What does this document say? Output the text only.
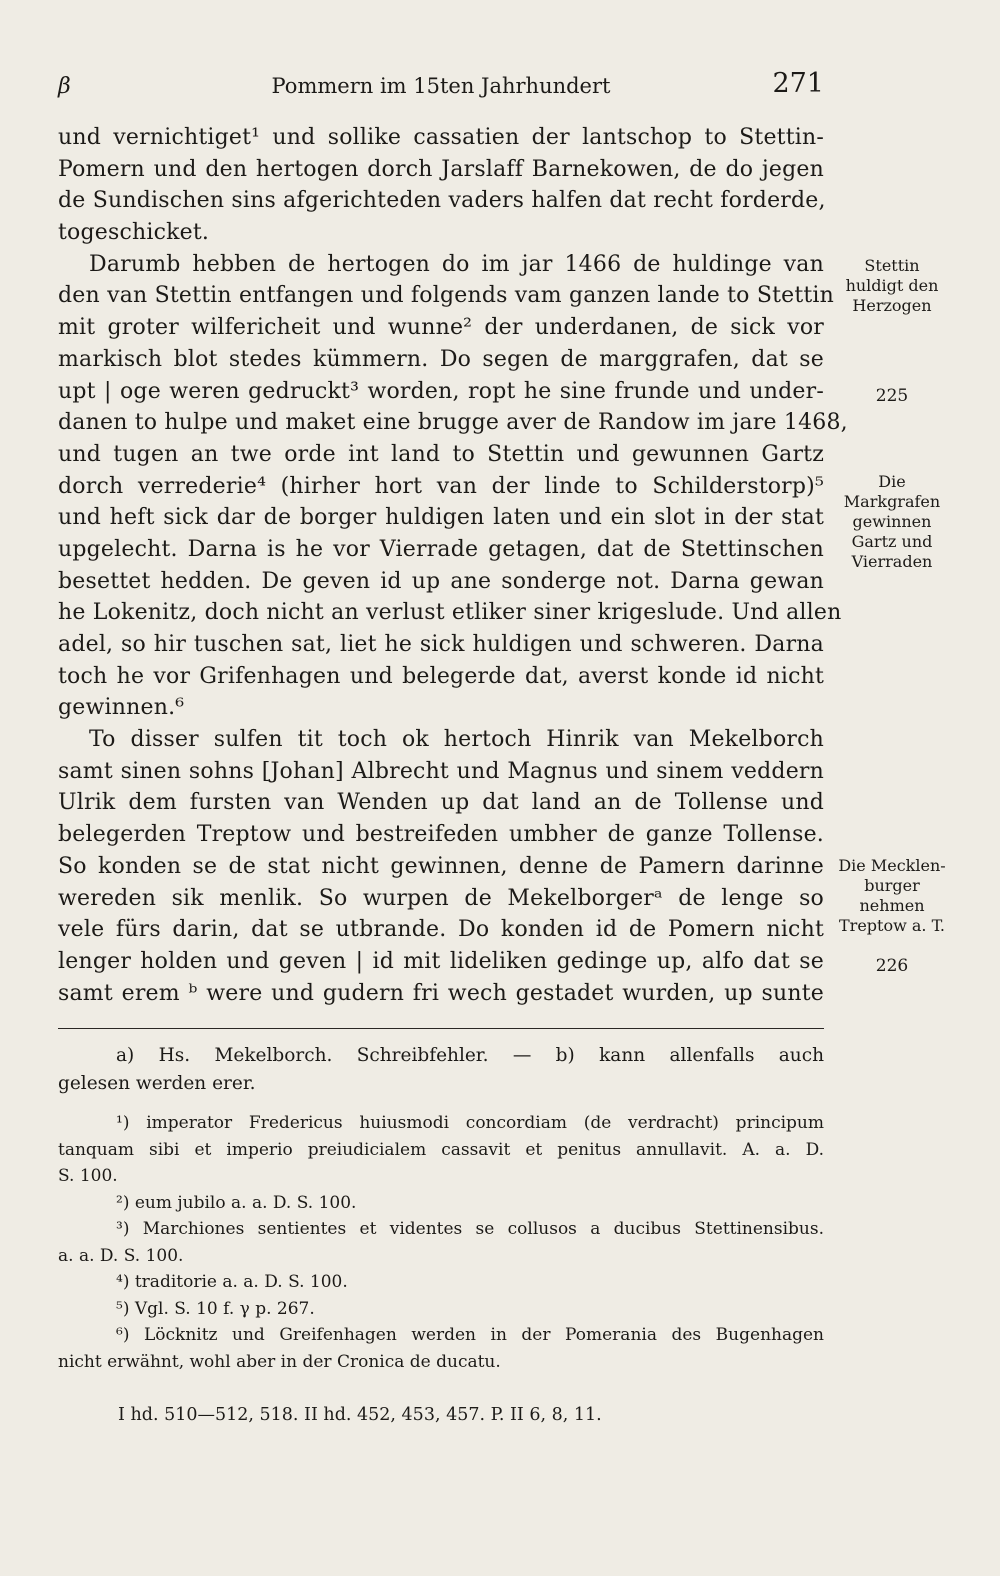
β	Pommern im 15ten Jahrhundert	271
und vernichtiget¹ und sollike cassatien der lantschop to Stettin-
Pomern und den hertogen dorch Jarslaff Barnekowen, de do jegen
de Sundischen sins afgerichteden vaders halfen dat recht forderde,
togeschicket.
Darumb hebben de hertogen do im jar 1466 de huldinge van
den van Stettin entfangen und folgends vam ganzen lande to Stettin
mit groter wilfericheit und wunne² der underdanen, de sick vor
markisch blot stedes kümmern. Do segen de marggrafen, dat se
upt | oge weren gedruckt³ worden, ropt he sine frunde und under-
danen to hulpe und maket eine brugge aver de Randow im jare 1468,
und tugen an twe orde int land to Stettin und gewunnen Gartz
dorch verrederie⁴ (hirher hort van der linde to Schilderstorp)⁵
und heft sick dar de borger huldigen laten und ein slot in der stat
upgelecht. Darna is he vor Vierrade getagen, dat de Stettinschen
besettet hedden. De geven id up ane sonderge not. Darna gewan
he Lokenitz, doch nicht an verlust etliker siner krigeslude. Und allen
adel, so hir tuschen sat, liet he sick huldigen und schweren. Darna
toch he vor Grifenhagen und belegerde dat, averst konde id nicht
gewinnen.⁶
To disser sulfen tit toch ok hertoch Hinrik van Mekelborch
samt sinen sohns [Johan] Albrecht und Magnus und sinem veddern
Ulrik dem fursten van Wenden up dat land an de Tollense und
belegerden Treptow und bestreifeden umbher de ganze Tollense.
So konden se de stat nicht gewinnen, denne de Pamern darinne
wereden sik menlik. So wurpen de Mekelborgerᵃ de lenge so
vele fürs darin, dat se utbrande. Do konden id de Pomern nicht
lenger holden und geven | id mit lideliken gedinge up, alfo dat se
samt erem ᵇ were und gudern fri wech gestadet wurden, up sunte
Stettin
huldigt den
Herzogen
225
Die
Markgrafen
gewinnen
Gartz und
Vierraden
Die Mecklen-
burger
nehmen
Treptow a. T.
226
a) Hs. Mekelborch. Schreibfehler. — b) kann allenfalls auch
gelesen werden erer.
¹) imperator Fredericus huiusmodi concordiam (de verdracht) principum
tanquam sibi et imperio preiudicialem cassavit et penitus annullavit. A. a. D.
S. 100.
²) eum jubilo a. a. D. S. 100.
³) Marchiones sentientes et videntes se collusos a ducibus Stettinensibus.
a. a. D. S. 100.
⁴) traditorie a. a. D. S. 100.
⁵) Vgl. S. 10 f. γ p. 267.
⁶) Löcknitz und Greifenhagen werden in der Pomerania des Bugenhagen
nicht erwähnt, wohl aber in der Cronica de ducatu.
I hd. 510—512, 518. II hd. 452, 453, 457. P. II 6, 8, 11.
